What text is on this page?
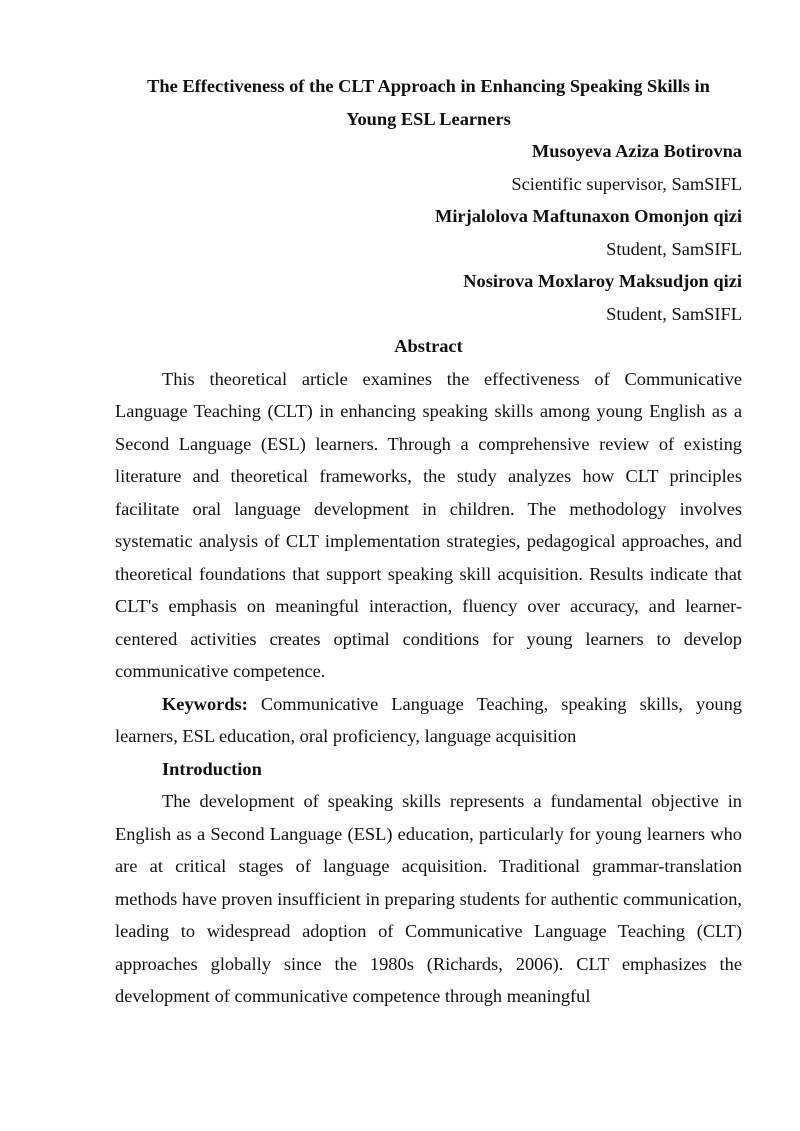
The Effectiveness of the CLT Approach in Enhancing Speaking Skills in
Young ESL Learners
Musoyeva Aziza Botirovna
Scientific supervisor, SamSIFL
Mirjalolova Maftunaxon Omonjon qizi
Student, SamSIFL
Nosirova Moxlaroy Maksudjon qizi
Student, SamSIFL
Abstract

This theoretical article examines the effectiveness of Communicative Language Teaching (CLT) in enhancing speaking skills among young English as a Second Language (ESL) learners. Through a comprehensive review of existing literature and theoretical frameworks, the study analyzes how CLT principles facilitate oral language development in children. The methodology involves systematic analysis of CLT implementation strategies, pedagogical approaches, and theoretical foundations that support speaking skill acquisition. Results indicate that CLT's emphasis on meaningful interaction, fluency over accuracy, and learner-centered activities creates optimal conditions for young learners to develop communicative competence.

Keywords: Communicative Language Teaching, speaking skills, young learners, ESL education, oral proficiency, language acquisition

Introduction

The development of speaking skills represents a fundamental objective in English as a Second Language (ESL) education, particularly for young learners who are at critical stages of language acquisition. Traditional grammar-translation methods have proven insufficient in preparing students for authentic communication, leading to widespread adoption of Communicative Language Teaching (CLT) approaches globally since the 1980s (Richards, 2006). CLT emphasizes the development of communicative competence through meaningful
